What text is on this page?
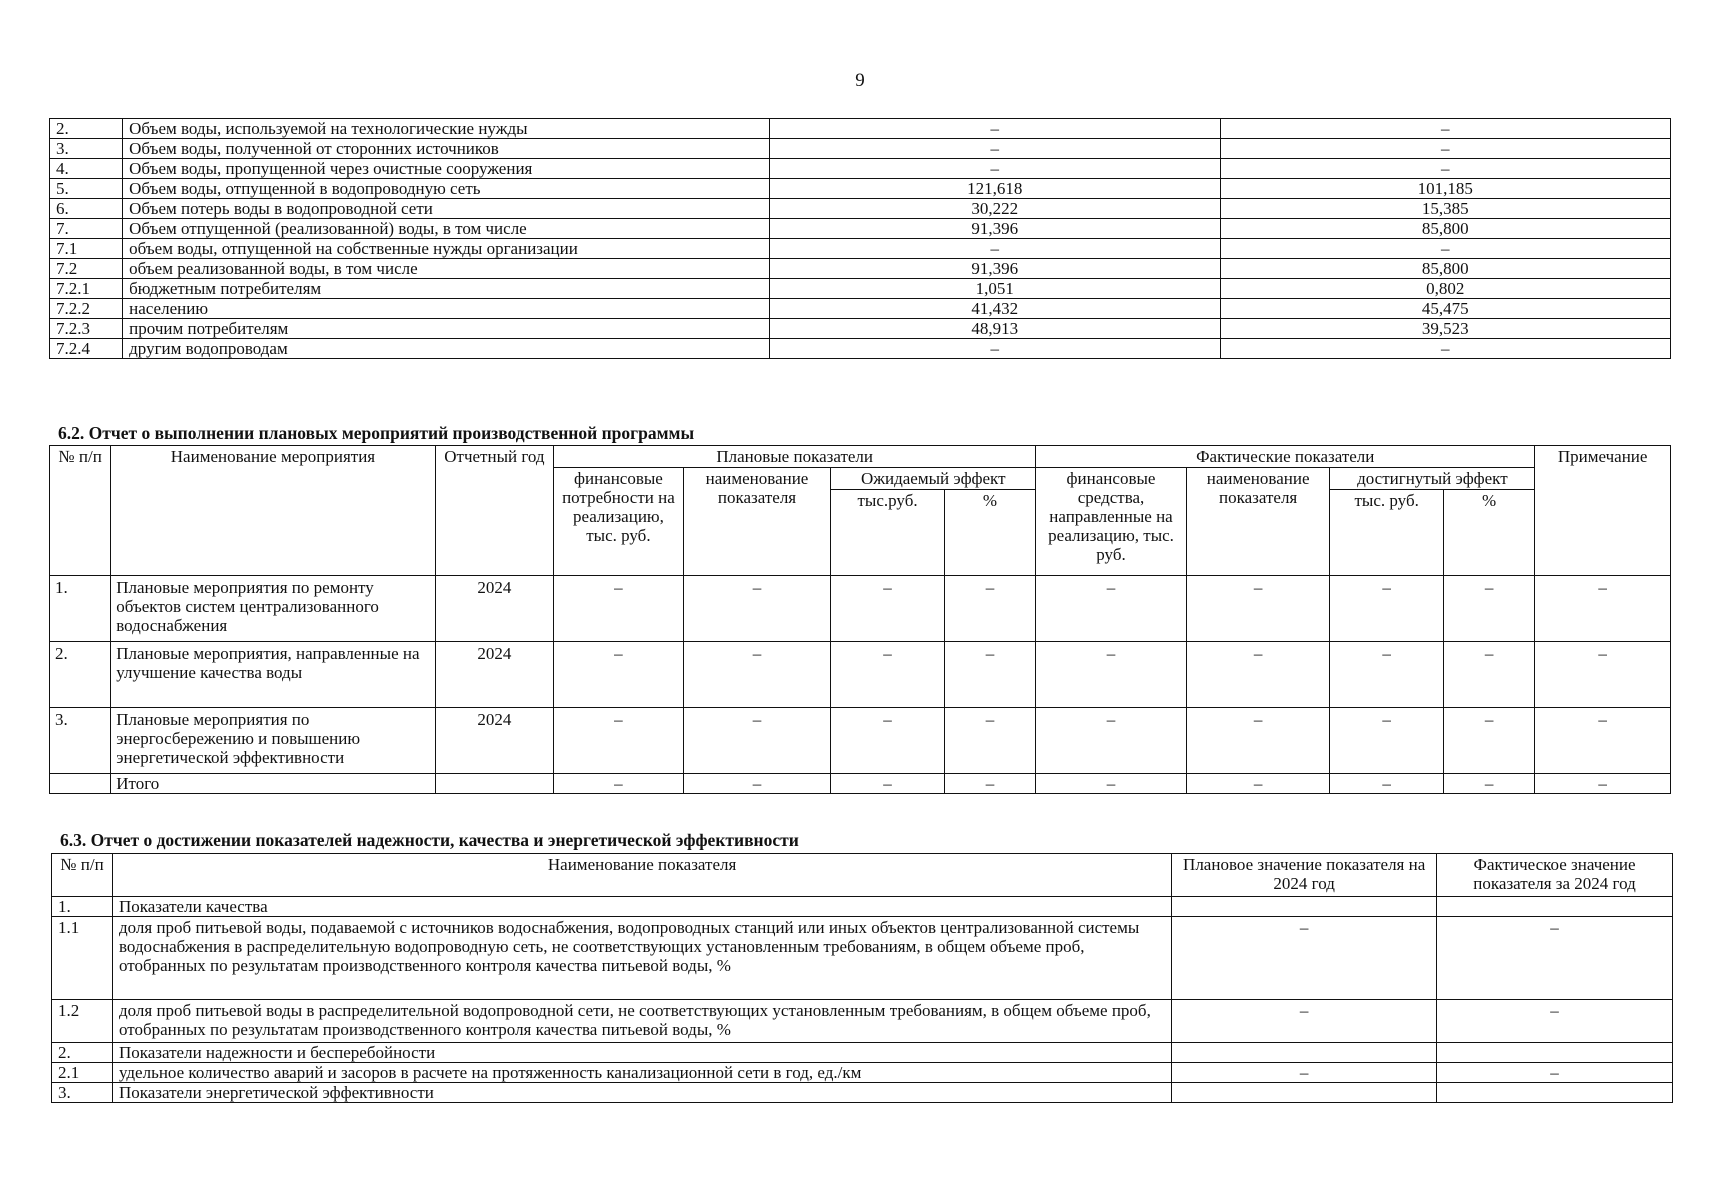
9
2.	Объем воды, используемой на технологические нужды	–	–
3.	Объем воды, полученной от сторонних источников	–	–
4.	Объем воды, пропущенной через очистные сооружения	–	–
5.	Объем воды, отпущенной в водопроводную сеть	121,618	101,185
6.	Объем потерь воды в водопроводной сети	30,222	15,385
7.	Объем отпущенной (реализованной) воды, в том числе	91,396	85,800
7.1	объем воды, отпущенной на собственные нужды организации	–	–
7.2	объем реализованной воды, в том числе	91,396	85,800
7.2.1	бюджетным потребителям	1,051	0,802
7.2.2	населению	41,432	45,475
7.2.3	прочим потребителям	48,913	39,523
7.2.4	другим водопроводам	–	–
6.2. Отчет о выполнении плановых мероприятий производственной программы
№ п/п	Наименование мероприятия	Отчетный год	Плановые показатели				Фактические показатели				Примечание
			финансовые потребности на реализацию, тыс. руб.	наименование показателя	Ожидаемый эффект		финансовые средства, направленные на реализацию, тыс. руб.	наименование показателя	достигнутый эффект		
					тыс.руб.	%			тыс. руб.	%	
1.	Плановые мероприятия по ремонту объектов систем централизованного водоснабжения	2024	–	–	–	–	–	–	–	–	–
2.	Плановые мероприятия, направленные на улучшение качества воды	2024	–	–	–	–	–	–	–	–	–
3.	Плановые мероприятия по энергосбережению и повышению энергетической эффективности	2024	–	–	–	–	–	–	–	–	–
	Итого		–	–	–	–	–	–	–	–	–
6.3. Отчет о достижении показателей надежности, качества и энергетической эффективности
№ п/п	Наименование показателя	Плановое значение показателя на 2024 год	Фактическое значение показателя за 2024 год
1.	Показатели качества		
1.1	доля проб питьевой воды, подаваемой с источников водоснабжения, водопроводных станций или иных объектов централизованной системы водоснабжения в распределительную водопроводную сеть, не соответствующих установленным требованиям, в общем объеме проб, отобранных по результатам производственного контроля качества питьевой воды, %	–	–
1.2	доля проб питьевой воды в распределительной водопроводной сети, не соответствующих установленным требованиям, в общем объеме проб, отобранных по результатам производственного контроля качества питьевой воды, %	–	–
2.	Показатели надежности и бесперебойности		
2.1	удельное количество аварий и засоров в расчете на протяженность канализационной сети в год, ед./км	–	–
3.	Показатели энергетической эффективности		
